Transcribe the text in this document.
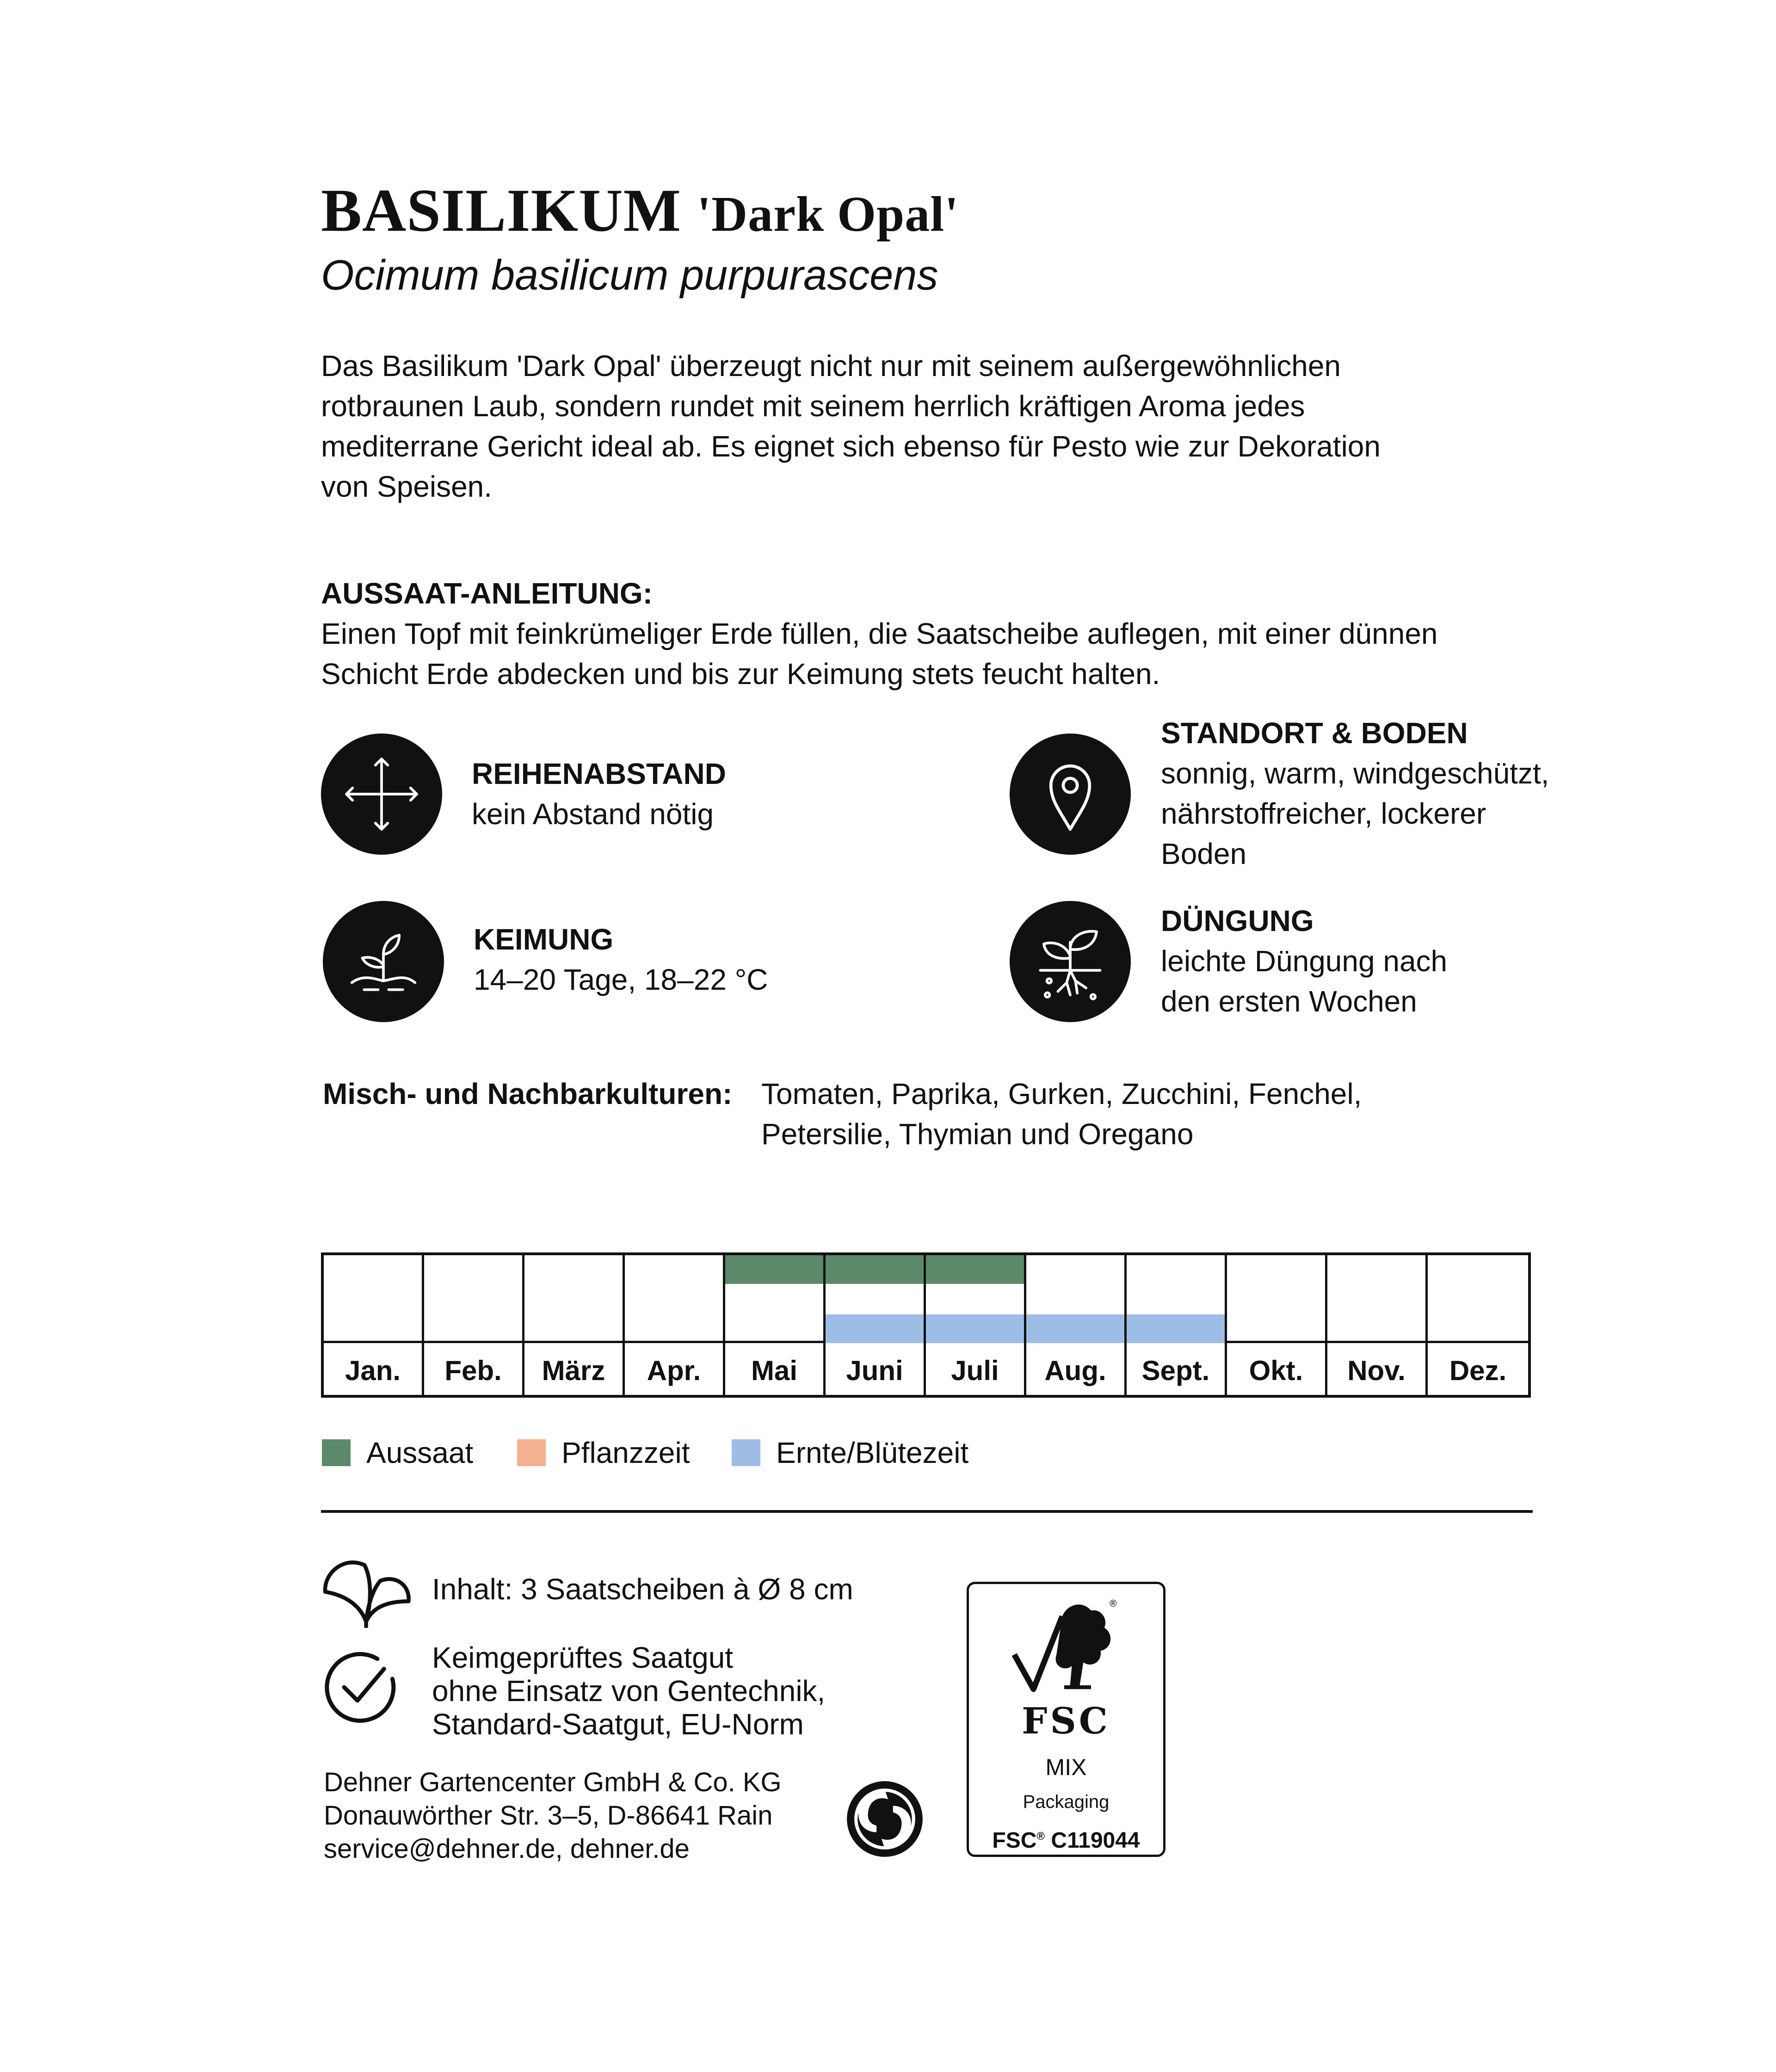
BASILIKUM 'Dark Opal'
Ocimum basilicum purpurascens
Das Basilikum 'Dark Opal' überzeugt nicht nur mit seinem außergewöhnlichen
rotbraunen Laub, sondern rundet mit seinem herrlich kräftigen Aroma jedes
mediterrane Gericht ideal ab. Es eignet sich ebenso für Pesto wie zur Dekoration
von Speisen.
AUSSAAT-ANLEITUNG:
Einen Topf mit feinkrümeliger Erde füllen, die Saatscheibe auflegen, mit einer dünnen
Schicht Erde abdecken und bis zur Keimung stets feucht halten.
REIHENABSTAND
kein Abstand nötig
STANDORT & BODEN
sonnig, warm, windgeschützt,
nährstoffreicher, lockerer
Boden
KEIMUNG
14–20 Tage, 18–22 °C
DÜNGUNG
leichte Düngung nach
den ersten Wochen
Misch- und Nachbarkulturen: Tomaten, Paprika, Gurken, Zucchini, Fenchel,
Petersilie, Thymian und Oregano
Jan.	Feb.	März	Apr.	Mai	Juni	Juli	Aug.	Sept.	Okt.	Nov.	Dez.
Aussaat	Pflanzzeit	Ernte/Blütezeit
Inhalt: 3 Saatscheiben à Ø 8 cm
Keimgeprüftes Saatgut
ohne Einsatz von Gentechnik,
Standard-Saatgut, EU-Norm
Dehner Gartencenter GmbH & Co. KG
Donauwörther Str. 3–5, D-86641 Rain
service@dehner.de, dehner.de
®
FSC
MIX
Packaging
FSC® C119044
